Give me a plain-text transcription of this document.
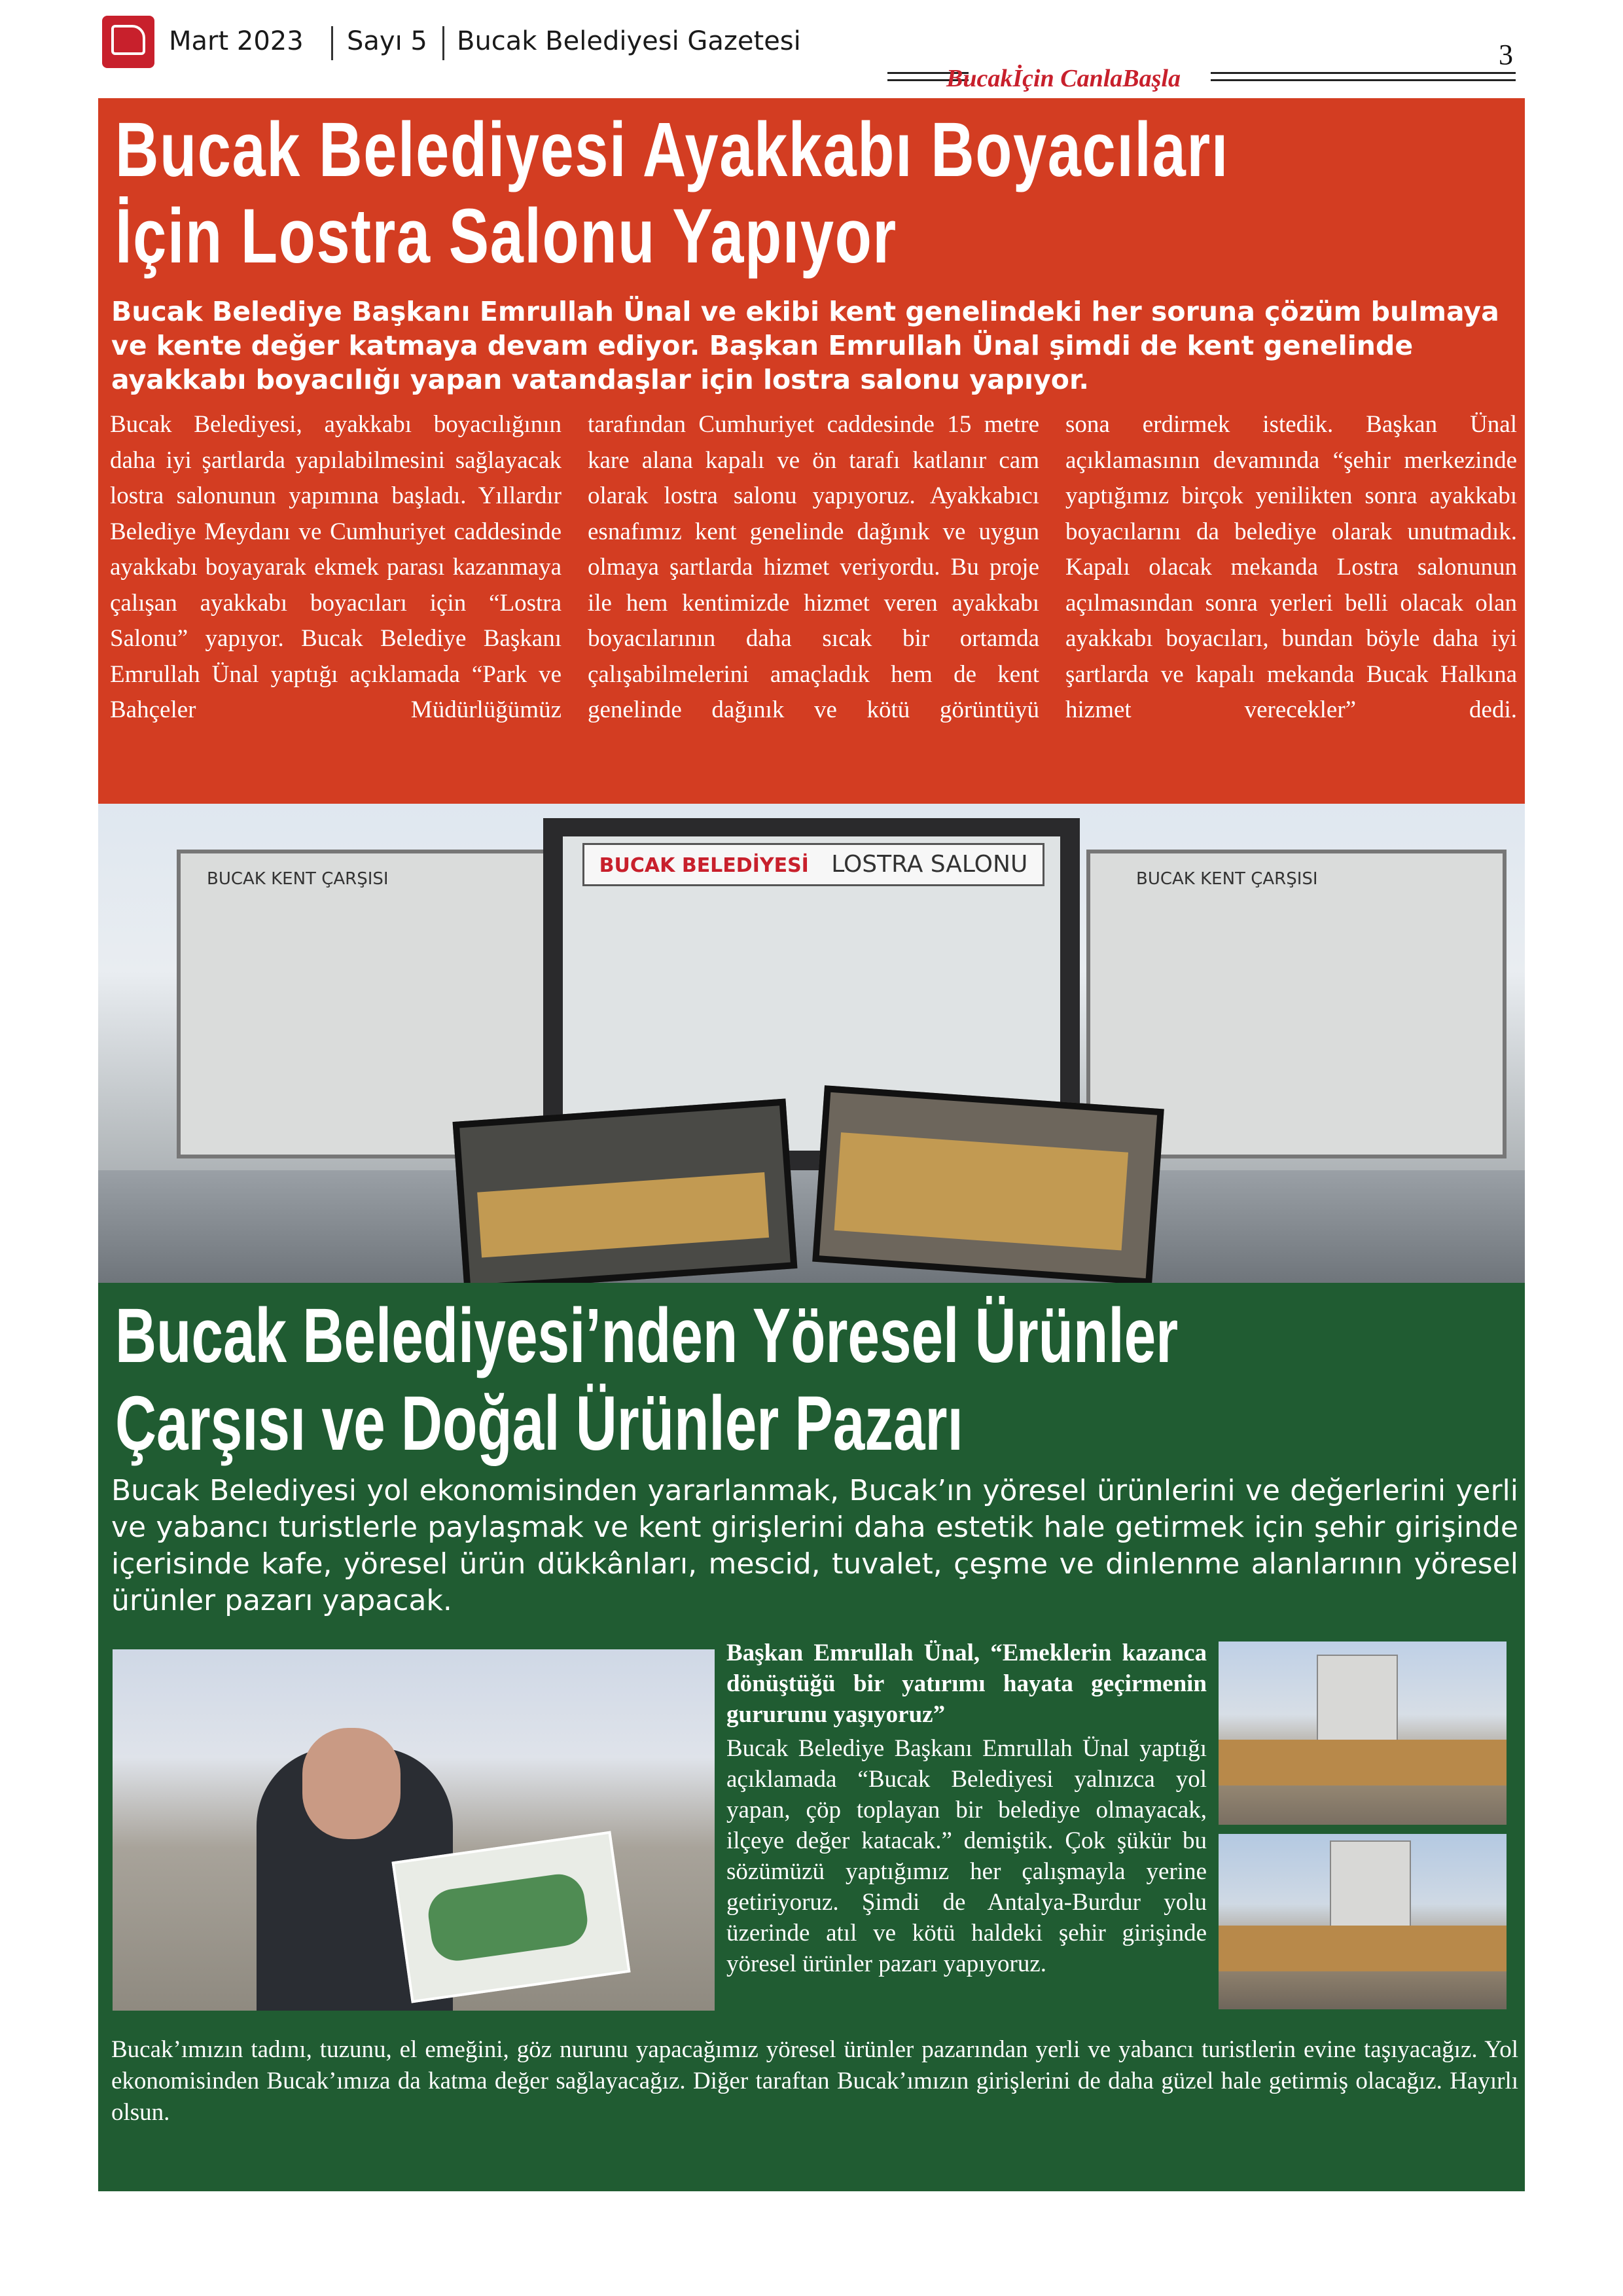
Mart 2023 Sayı 5 Bucak Belediyesi Gazetesi	3
Bucakİçin CanlaBaşla
Bucak Belediyesi Ayakkabı Boyacıları
İçin Lostra Salonu Yapıyor

Bucak Belediye Başkanı Emrullah Ünal ve ekibi kent genelindeki her soruna çözüm bulmaya ve kente değer katmaya devam ediyor. Başkan Emrullah Ünal şimdi de kent genelinde ayakkabı boyacılığı yapan vatandaşlar için lostra salonu yapıyor.

Bucak Belediyesi, ayakkabı boyacılığının daha iyi şartlarda yapılabilmesini sağlayacak lostra salonunun yapımına başladı. Yıllardır Belediye Meydanı ve Cumhuriyet caddesinde ayakkabı boyayarak ekmek parası kazanmaya çalışan ayakkabı boyacıları için “Lostra Salonu” yapıyor. Bucak Belediye Başkanı Emrullah Ünal yaptığı açıklamada “Park ve Bahçeler Müdürlüğümüz

tarafından Cumhuriyet caddesinde 15 metre kare alana kapalı ve ön tarafı katlanır cam olarak lostra salonu yapıyoruz. Ayakkabıcı esnafımız kent genelinde dağınık ve uygun olmaya şartlarda hizmet veriyordu. Bu proje ile hem kentimizde hizmet veren ayakkabı boyacılarının daha sıcak bir ortamda çalışabilmelerini amaçladık hem de kent genelinde dağınık ve kötü görüntüyü

sona erdirmek istedik. Başkan Ünal açıklamasının devamında “şehir merkezinde yaptığımız birçok yenilikten sonra ayakkabı boyacılarını da belediye olarak unutmadık. Kapalı olacak mekanda Lostra salonunun açılmasından sonra yerleri belli olacak olan ayakkabı boyacıları, bundan böyle daha iyi şartlarda ve kapalı mekanda Bucak Halkına hizmet verecekler” dedi.

BUCAK KENT ÇARŞISI	BUCAK KENT ÇARŞISI
BUCAK BELEDİYESİ LOSTRA SALONU
Bucak Belediyesi’nden Yöresel Ürünler
Çarşısı ve Doğal Ürünler Pazarı

Bucak Belediyesi yol ekonomisinden yararlanmak, Bucak’ın yöresel ürünlerini ve değerlerini yerli ve yabancı turistlerle paylaşmak ve kent girişlerini daha estetik hale getirmek için şehir girişinde içerisinde kafe, yöresel ürün dükkânları, mescid, tuvalet, çeşme ve dinlenme alanlarının yöresel ürünler pazarı yapacak.

Başkan Emrullah Ünal, “Emeklerin kazanca dönüştüğü bir yatırımı hayata geçirmenin gururunu yaşıyoruz”

Bucak Belediye Başkanı Emrullah Ünal yaptığı açıklamada “Bucak Belediyesi yalnızca yol yapan, çöp toplayan bir belediye olmayacak, ilçeye değer katacak.” demiştik. Çok şükür bu sözümüzü yaptığımız her çalışmayla yerine getiriyoruz. Şimdi de Antalya-Burdur yolu üzerinde atıl ve kötü haldeki şehir girişinde yöresel ürünler pazarı yapıyoruz.

Bucak’ımızın tadını, tuzunu, el emeğini, göz nurunu yapacağımız yöresel ürünler pazarından yerli ve yabancı turistlerin evine taşıyacağız. Yol ekonomisinden Bucak’ımıza da katma değer sağlayacağız. Diğer taraftan Bucak’ımızın girişlerini de daha güzel hale getirmiş olacağız. Hayırlı olsun.
